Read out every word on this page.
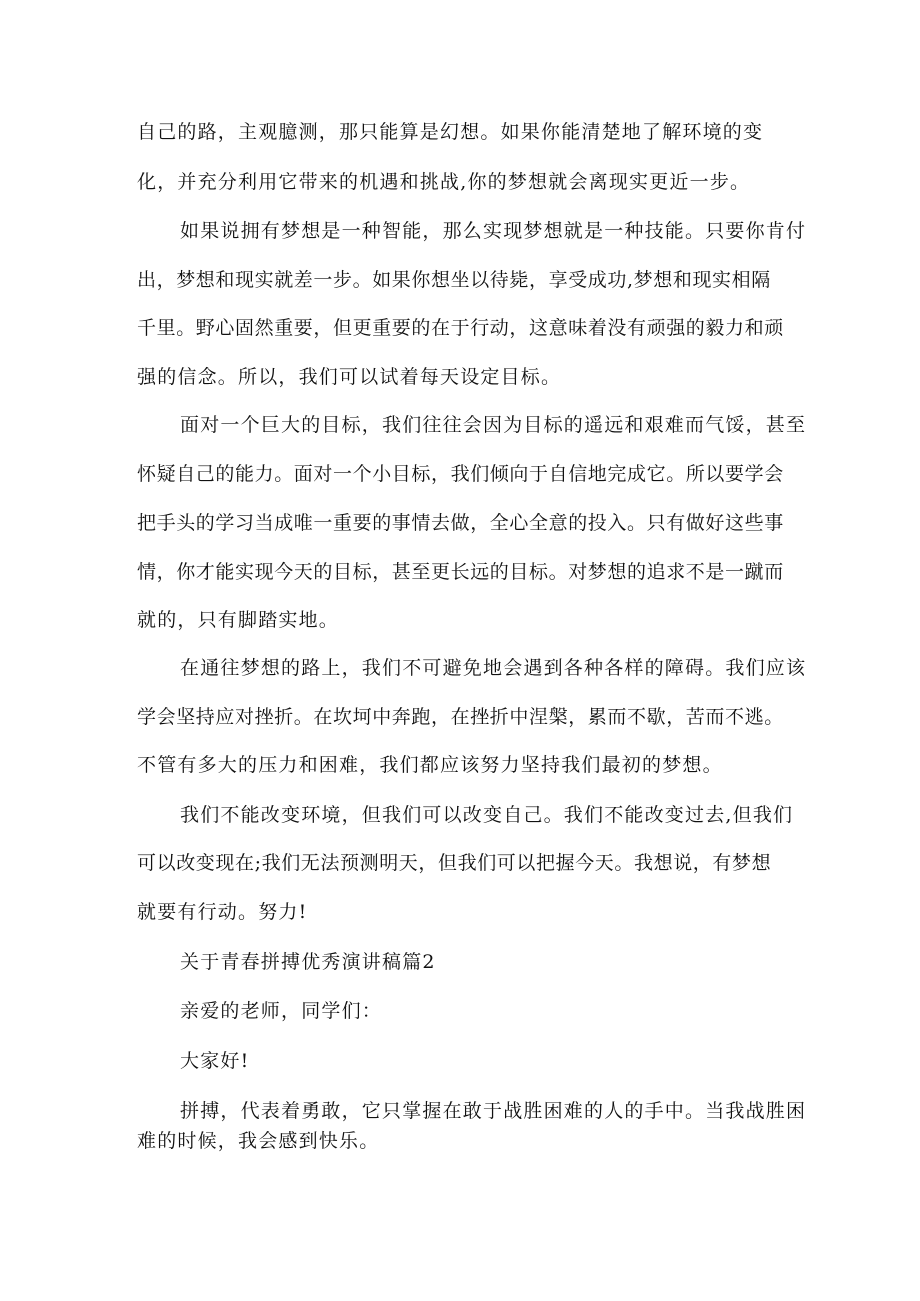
自己的路，主观臆测，那只能算是幻想。如果你能清楚地了解环境的变
化，并充分利用它带来的机遇和挑战,你的梦想就会离现实更近一步。
如果说拥有梦想是一种智能，那么实现梦想就是一种技能。只要你肯付
出，梦想和现实就差一步。如果你想坐以待毙，享受成功,梦想和现实相隔
千里。野心固然重要，但更重要的在于行动，这意味着没有顽强的毅力和顽
强的信念。所以，我们可以试着每天设定目标。
面对一个巨大的目标，我们往往会因为目标的遥远和艰难而气馁，甚至
怀疑自己的能力。面对一个小目标，我们倾向于自信地完成它。所以要学会
把手头的学习当成唯一重要的事情去做，全心全意的投入。只有做好这些事
情，你才能实现今天的目标，甚至更长远的目标。对梦想的追求不是一蹴而
就的，只有脚踏实地。
在通往梦想的路上，我们不可避免地会遇到各种各样的障碍。我们应该
学会坚持应对挫折。在坎坷中奔跑，在挫折中涅槃，累而不歇，苦而不逃。
不管有多大的压力和困难，我们都应该努力坚持我们最初的梦想。
我们不能改变环境，但我们可以改变自己。我们不能改变过去,但我们
可以改变现在;我们无法预测明天，但我们可以把握今天。我想说，有梦想
就要有行动。努力!
关于青春拼搏优秀演讲稿篇2
亲爱的老师，同学们：
大家好!
拼搏，代表着勇敢，它只掌握在敢于战胜困难的人的手中。当我战胜困
难的时候，我会感到快乐。
